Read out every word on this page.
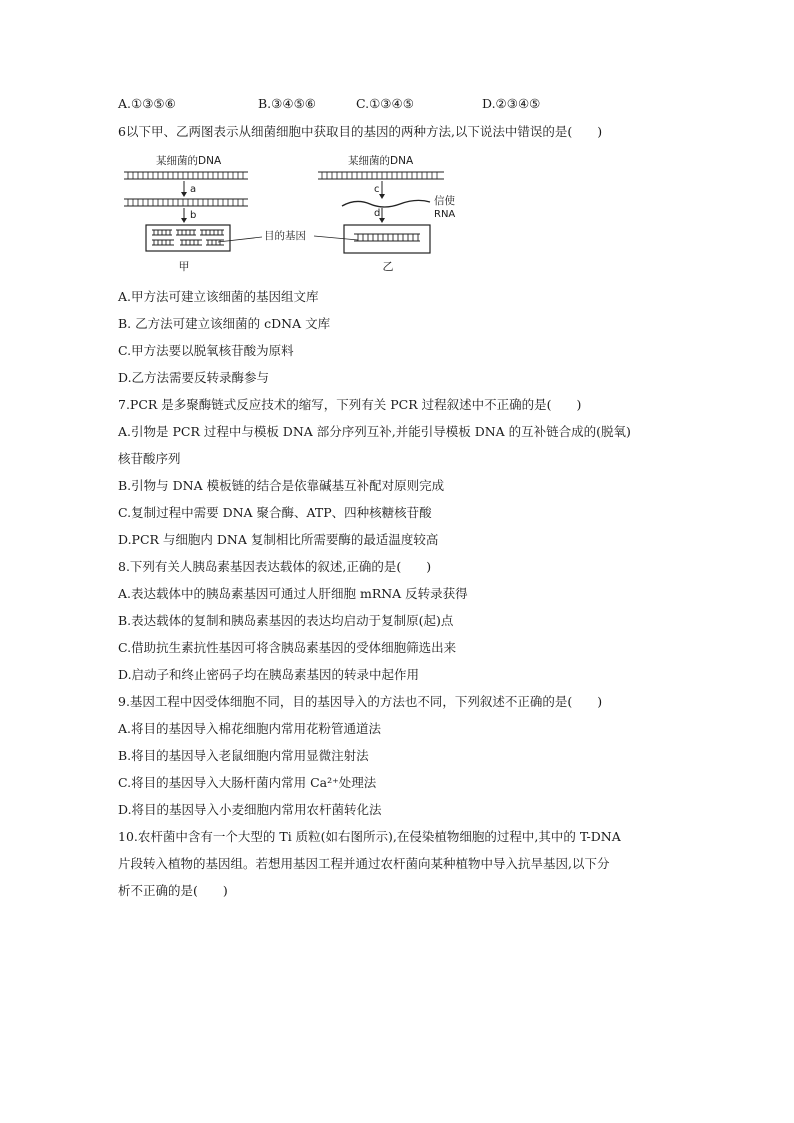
A.①③⑤⑥	B.③④⑤⑥	C.①③④⑤	D.②③④⑤
6以下甲、乙两图表示从细菌细胞中获取目的基因的两种方法,以下说法中错误的是(　　)
某细菌的DNA
a
b
甲
目的基因
某细菌的DNA
c
信使
RNA
d
乙
A.甲方法可建立该细菌的基因组文库
B. 乙方法可建立该细菌的 cDNA 文库
C.甲方法要以脱氧核苷酸为原料
D.乙方法需要反转录酶参与
7.PCR 是多聚酶链式反应技术的缩写，下列有关 PCR 过程叙述中不正确的是(　　)
A.引物是 PCR 过程中与模板 DNA 部分序列互补,并能引导模板 DNA 的互补链合成的(脱氧)
核苷酸序列
B.引物与 DNA 模板链的结合是依靠碱基互补配对原则完成
C.复制过程中需要 DNA 聚合酶、ATP、四种核糖核苷酸
D.PCR 与细胞内 DNA 复制相比所需要酶的最适温度较高
8.下列有关人胰岛素基因表达载体的叙述,正确的是(　　)
A.表达载体中的胰岛素基因可通过人肝细胞 mRNA 反转录获得
B.表达载体的复制和胰岛素基因的表达均启动于复制原(起)点
C.借助抗生素抗性基因可将含胰岛素基因的受体细胞筛选出来
D.启动子和终止密码子均在胰岛素基因的转录中起作用
9.基因工程中因受体细胞不同，目的基因导入的方法也不同，下列叙述不正确的是(　　)
A.将目的基因导入棉花细胞内常用花粉管通道法
B.将目的基因导入老鼠细胞内常用显微注射法
C.将目的基因导入大肠杆菌内常用 Ca²⁺处理法
D.将目的基因导入小麦细胞内常用农杆菌转化法
10.农杆菌中含有一个大型的 Ti 质粒(如右图所示),在侵染植物细胞的过程中,其中的 T-DNA
片段转入植物的基因组。若想用基因工程并通过农杆菌向某种植物中导入抗旱基因,以下分
析不正确的是(　　)
